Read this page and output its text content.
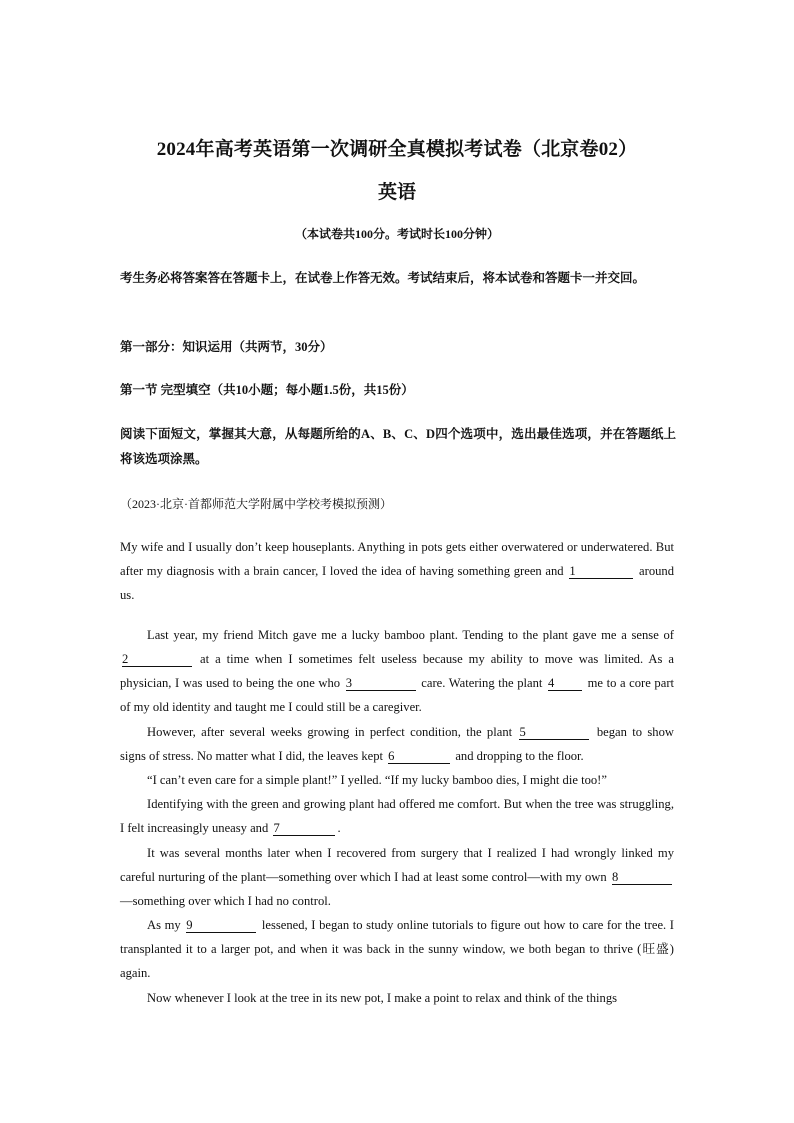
2024年高考英语第一次调研全真模拟考试卷（北京卷02）
英语
（本试卷共100分。考试时长100分钟）
考生务必将答案答在答题卡上，在试卷上作答无效。考试结束后，将本试卷和答题卡一并交回。
第一部分：知识运用（共两节，30分）
第一节 完型填空（共10小题；每小题1.5份，共15份）
阅读下面短文，掌握其大意，从每题所给的A、B、C、D四个选项中，选出最佳选项，并在答题纸上将该选项涂黑。
（2023·北京·首都师范大学附属中学校考模拟预测）
My wife and I usually don’t keep houseplants. Anything in pots gets either overwatered or underwatered. But after my diagnosis with a brain cancer, I loved the idea of having something green and 1	around us.
Last year, my friend Mitch gave me a lucky bamboo plant. Tending to the plant gave me a sense of 2	at a time when I sometimes felt useless because my ability to move was limited. As a physician, I was used to being the one who 3	care. Watering the plant 4	me to a core part of my old identity and taught me I could still be a caregiver.
However, after several weeks growing in perfect condition, the plant 5	began to show signs of stress. No matter what I did, the leaves kept 6	and dropping to the floor.
“I can’t even care for a simple plant!” I yelled. “If my lucky bamboo dies, I might die too!”
Identifying with the green and growing plant had offered me comfort. But when the tree was struggling, I felt increasingly uneasy and 7	.
It was several months later when I recovered from surgery that I realized I had wrongly linked my careful nurturing of the plant—something over which I had at least some control—with my own 8—something over which I had no control.
As my 9	lessened, I began to study online tutorials to figure out how to care for the tree. I transplanted it to a larger pot, and when it was back in the sunny window, we both began to thrive (旺盛) again.
Now whenever I look at the tree in its new pot, I make a point to relax and think of the things
